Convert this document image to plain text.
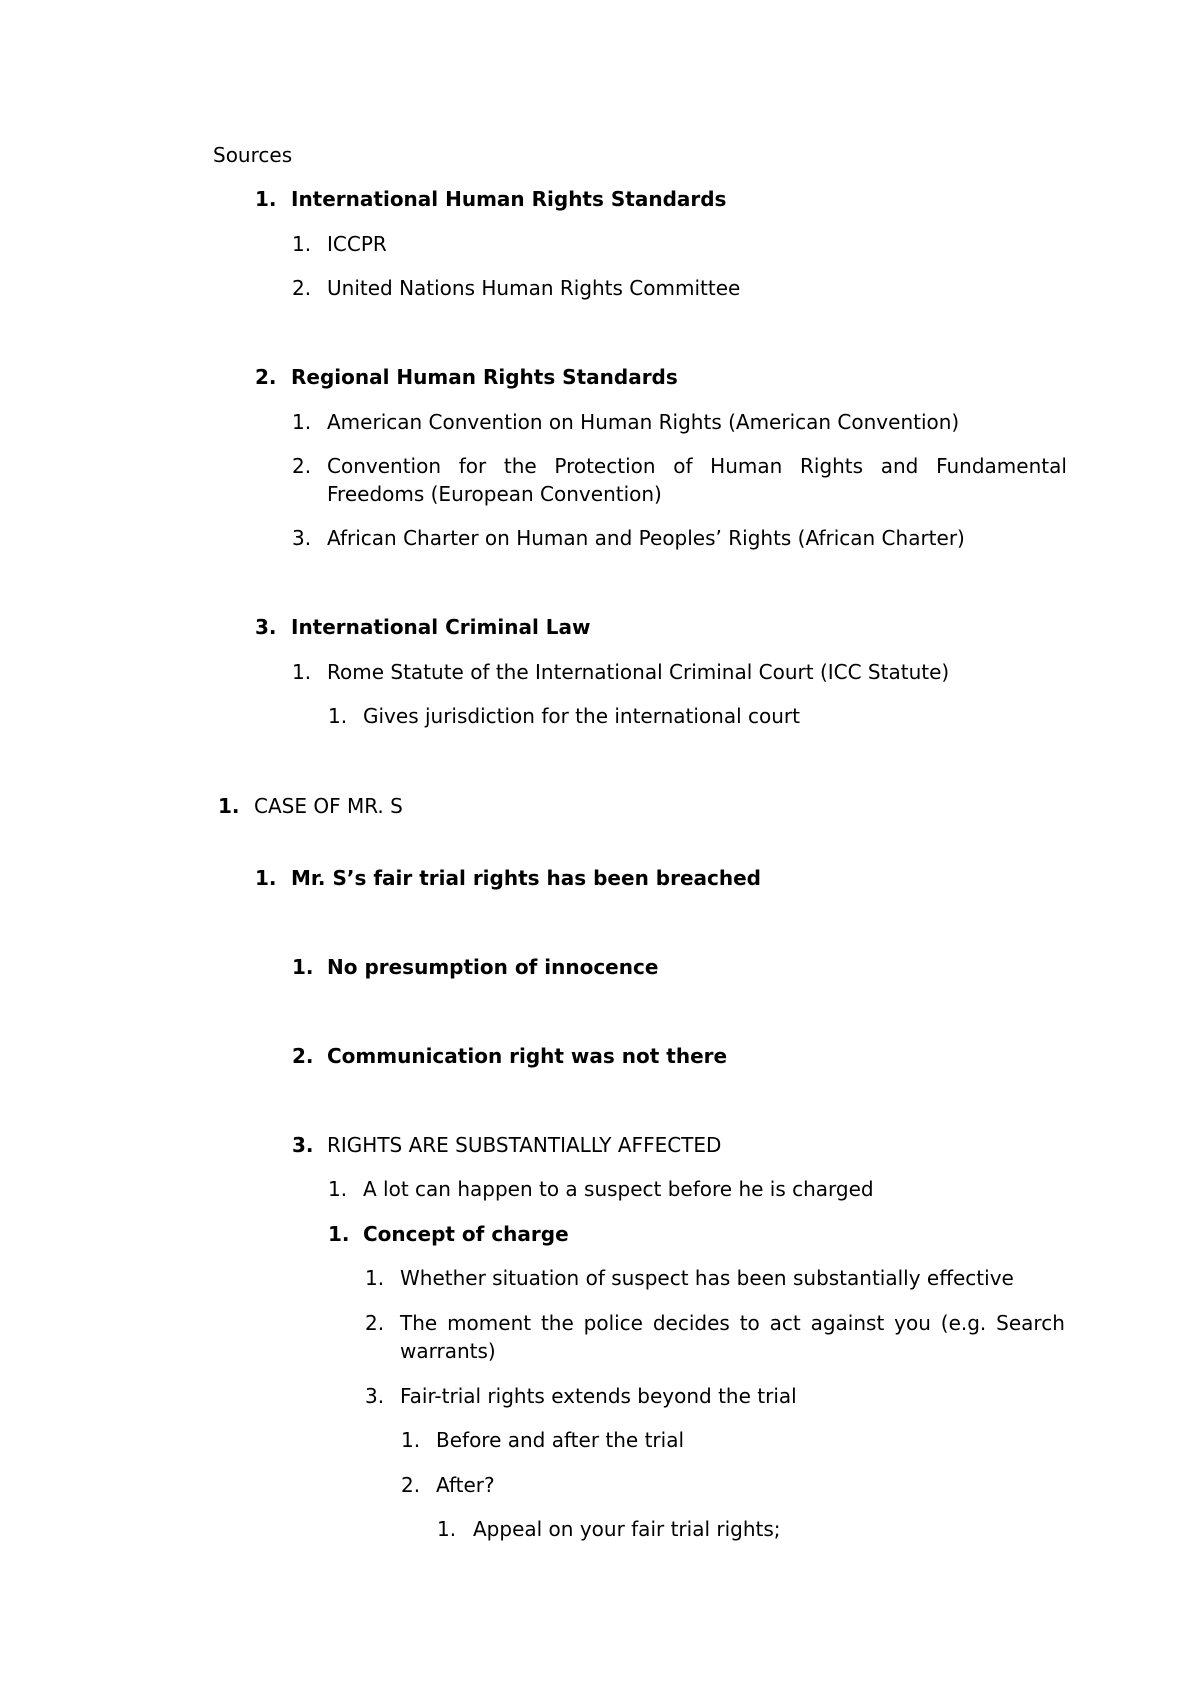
Sources
1. International Human Rights Standards
1. ICCPR
2. United Nations Human Rights Committee
2. Regional Human Rights Standards
1. American Convention on Human Rights (American Convention)
2. Convention for the Protection of Human Rights and Fundamental
Freedoms (European Convention)
3. African Charter on Human and Peoples’ Rights (African Charter)
3. International Criminal Law
1. Rome Statute of the International Criminal Court (ICC Statute)
1. Gives jurisdiction for the international court
1. CASE OF MR. S
1. Mr. S’s fair trial rights has been breached
1. No presumption of innocence
2. Communication right was not there
3. RIGHTS ARE SUBSTANTIALLY AFFECTED
1. A lot can happen to a suspect before he is charged
1. Concept of charge
1. Whether situation of suspect has been substantially effective
2. The moment the police decides to act against you (e.g. Search
warrants)
3. Fair-trial rights extends beyond the trial
1. Before and after the trial
2. After?
1. Appeal on your fair trial rights;
